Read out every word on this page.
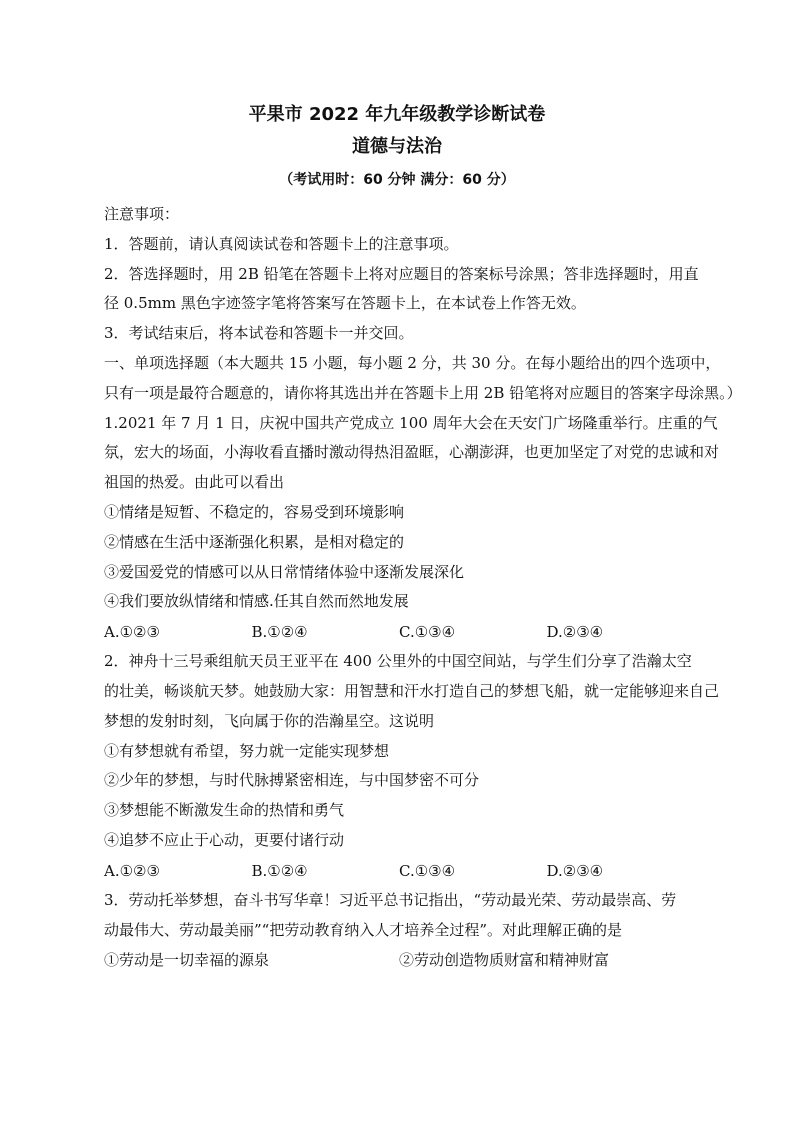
平果市 2022 年九年级教学诊断试卷
道德与法治
（考试用时：60 分钟 满分：60 分）
注意事项：
1．答题前，请认真阅读试卷和答题卡上的注意事项。
2．答选择题时，用 2B 铅笔在答题卡上将对应题目的答案标号涂黑；答非选择题时，用直
径 0.5mm 黑色字迹签字笔将答案写在答题卡上，在本试卷上作答无效。
3．考试结束后，将本试卷和答题卡一并交回。
一、单项选择题（本大题共 15 小题，每小题 2 分，共 30 分。在每小题给出的四个选项中，
只有一项是最符合题意的，请你将其选出并在答题卡上用 2B 铅笔将对应题目的答案字母涂黑。）
1.2021 年 7 月 1 日，庆祝中国共产党成立 100 周年大会在天安门广场隆重举行。庄重的气
氛，宏大的场面，小海收看直播时激动得热泪盈眶，心潮澎湃，也更加坚定了对党的忠诚和对
祖国的热爱。由此可以看出
①情绪是短暂、不稳定的，容易受到环境影响
②情感在生活中逐渐强化积累，是相对稳定的
③爱国爱党的情感可以从日常情绪体验中逐渐发展深化
④我们要放纵情绪和情感.任其自然而然地发展
A.①②③	B.①②④	C.①③④	D.②③④
2．神舟十三号乘组航天员王亚平在 400 公里外的中国空间站，与学生们分享了浩瀚太空
的壮美，畅谈航天梦。她鼓励大家：用智慧和汗水打造自己的梦想飞船，就一定能够迎来自己
梦想的发射时刻，飞向属于你的浩瀚星空。这说明
①有梦想就有希望，努力就一定能实现梦想
②少年的梦想，与时代脉搏紧密相连，与中国梦密不可分
③梦想能不断激发生命的热情和勇气
④追梦不应止于心动，更要付诸行动
A.①②③	B.①②④	C.①③④	D.②③④
3．劳动托举梦想，奋斗书写华章！习近平总书记指出，“劳动最光荣、劳动最崇高、劳
动最伟大、劳动最美丽”“把劳动教育纳入人才培养全过程”。对此理解正确的是
①劳动是一切幸福的源泉	②劳动创造物质财富和精神财富
